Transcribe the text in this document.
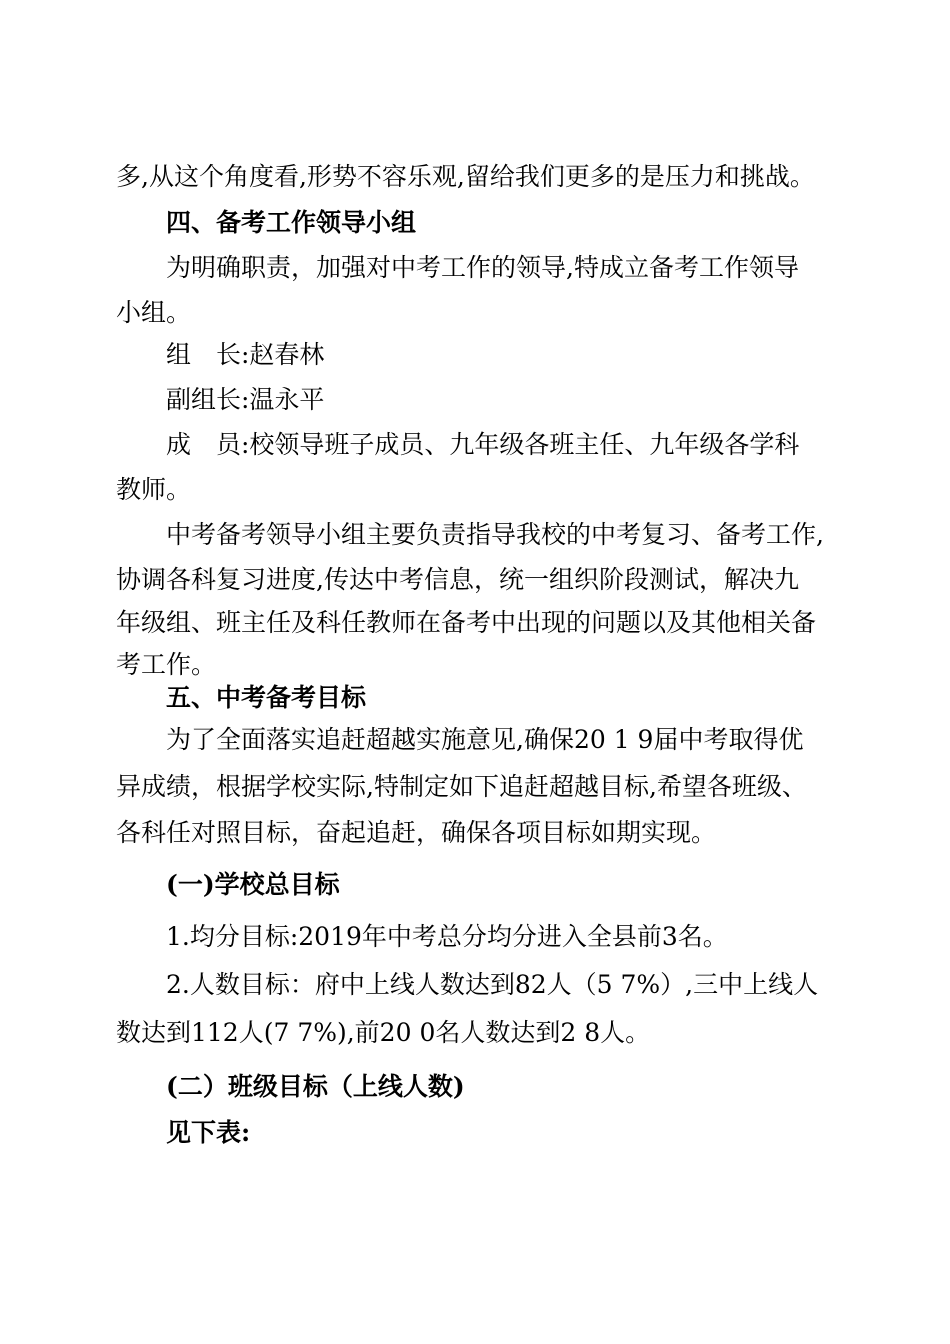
多,从这个角度看,形势不容乐观,留给我们更多的是压力和挑战。
四、备考工作领导小组
为明确职责，加强对中考工作的领导,特成立备考工作领导
小组。
组　长:赵春林
副组长:温永平
成　员:校领导班子成员、九年级各班主任、九年级各学科
教师。
中考备考领导小组主要负责指导我校的中考复习、备考工作,
协调各科复习进度,传达中考信息，统一组织阶段测试，解决九
年级组、班主任及科任教师在备考中出现的问题以及其他相关备
考工作。
五、中考备考目标
为了全面落实追赶超越实施意见,确保20 1 9届中考取得优
异成绩，根据学校实际,特制定如下追赶超越目标,希望各班级、
各科任对照目标，奋起追赶，确保各项目标如期实现。
(一)学校总目标
1.均分目标:2019年中考总分均分进入全县前3名。
2.人数目标：府中上线人数达到82人（5 7%）,三中上线人
数达到112人(7 7%),前20 0名人数达到2 8人。
(二）班级目标（上线人数)
见下表:
